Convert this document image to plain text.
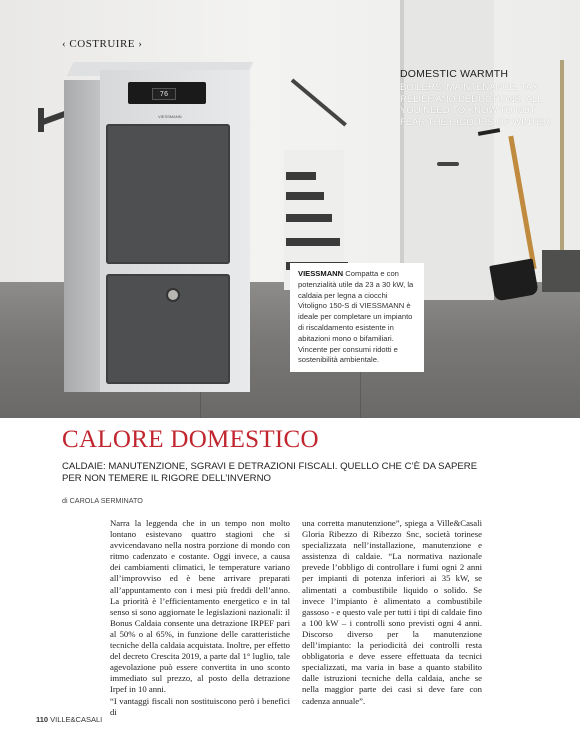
76
VIESSMANN
‹ COSTRUIRE ›
DOMESTIC WARMTH
BOILERS: MAINTENANCE, TAX RELIEF AND DEDUCTIONS. ALL YOU NEED TO KNOW TO NOT FEAR THE RIGOURS OF WINTER
VIESSMANN Compatta e con potenzialità utile da 23 a 30 kW, la caldaia per legna a ciocchi Vitoligno 150-S di VIESSMANN è ideale per completare un impianto di riscaldamento esistente in abitazioni mono o bifamiliari. Vincente per consumi ridotti e sostenibilità ambientale.
CALORE DOMESTICO
CALDAIE: MANUTENZIONE, SGRAVI E DETRAZIONI FISCALI. QUELLO CHE C’È DA SAPERE PER NON TEMERE IL RIGORE DELL’INVERNO
di CAROLA SERMINATO

Narra la leggenda che in un tempo non molto lontano esistevano quattro stagioni che si avvicendavano nella nostra porzione di mondo con ritmo cadenzato e costante. Oggi invece, a causa dei cambiamenti climatici, le temperature variano all’improvviso ed è bene arrivare preparati all’appuntamento con i mesi più freddi dell’anno. La priorità è l’efficientamento energetico e in tal senso si sono aggiornate le legislazioni nazionali: il Bonus Caldaia consente una detrazione IRPEF pari al 50% o al 65%, in funzione delle caratteristiche tecniche della caldaia acquistata. Inoltre, per effetto del decreto Crescita 2019, a parte dal 1° luglio, tale agevolazione può essere convertita in uno sconto immediato sul prezzo, al posto della detrazione Irpef in 10 anni.

“I vantaggi fiscali non sostituiscono però i benefici di

una corretta manutenzione”, spiega a Ville&Casali Gloria Ribezzo di Ribezzo Snc, società torinese specializzata nell’installazione, manutenzione e assistenza di caldaie. “La normativa nazionale prevede l’obbligo di controllare i fumi ogni 2 anni per impianti di potenza inferiori ai 35 kW, se alimentati a combustibile liquido o solido. Se invece l’impianto è alimentato a combustibile gassoso - e questo vale per tutti i tipi di caldaie fino a 100 kW – i controlli sono previsti ogni 4 anni. Discorso diverso per la manutenzione dell’impianto: la periodicità dei controlli resta obbligatoria e deve essere effettuata da tecnici specializzati, ma varia in base a quanto stabilito dalle istruzioni tecniche della caldaia, anche se nella maggior parte dei casi si deve fare con cadenza annuale”.

110 VILLE&CASALI
